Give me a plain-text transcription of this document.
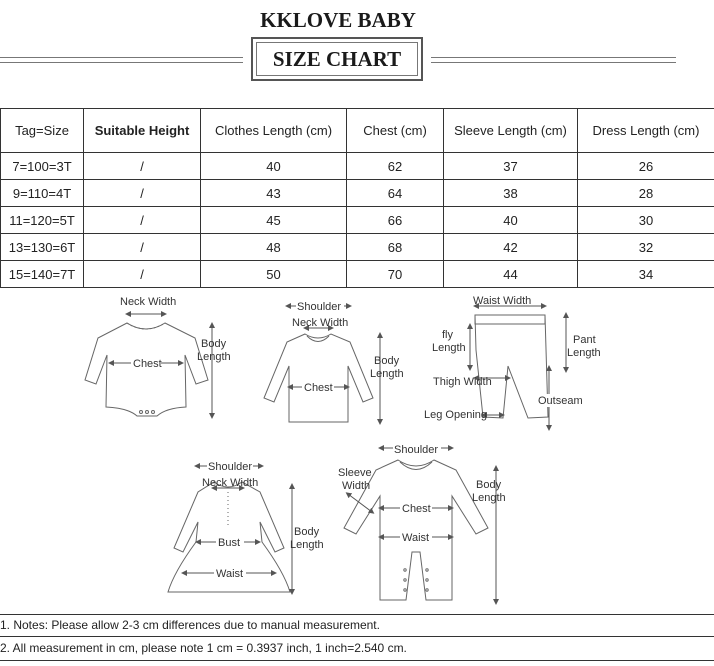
KKLOVE BABY
SIZE CHART
Tag=Size	Suitable Height	Clothes Length (cm)	Chest (cm)	Sleeve Length (cm)	Dress Length (cm)
7=100=3T	/	40	62	37	26
9=110=4T	/	43	64	38	28
11=120=5T	/	45	66	40	30
13=130=6T	/	48	68	42	32
15=140=7T	/	50	70	44	34
Neck Width
Chest
Body
Length
Shoulder
Neck Width
Chest
Body
Length
Waist Width
fly
Length
Pant
Length
Thigh Width
Outseam
Leg Opening
Shoulder
Neck Width
Bust
Waist
Body
Length
Shoulder
Sleeve
Width
Chest
Waist
Body
Length
1. Notes: Please allow 2-3 cm differences due to manual measurement.
2. All measurement in cm, please note 1 cm = 0.3937 inch, 1 inch=2.540 cm.
